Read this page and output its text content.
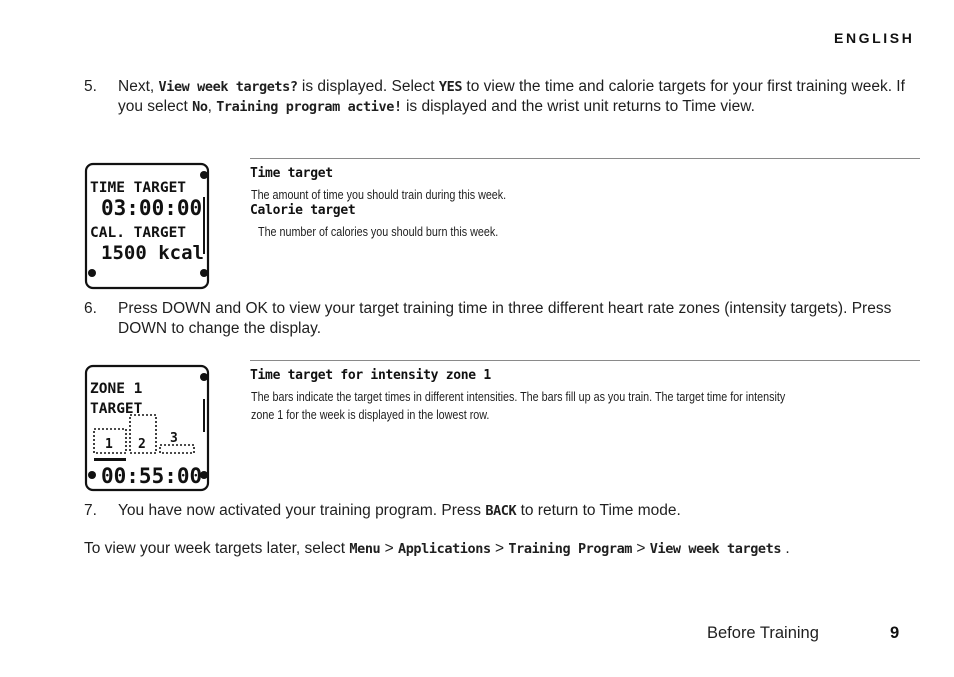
ENGLISH
5. Next, View week targets? is displayed. Select YES to view the time and calorie targets for your first training week. If you select No, Training program active! is displayed and the wrist unit returns to Time view.
TIME TARGET
03:00:00
CAL. TARGET
1500 kcal
Time target
The amount of time you should train during this week.
Calorie target
The number of calories you should burn this week.
6. Press DOWN and OK to view your target training time in three different heart rate zones (intensity targets). Press DOWN to change the display.
ZONE 1
TARGET
1 2 3
00:55:00
Time target for intensity zone 1
The bars indicate the target times in different intensities. The bars fill up as you train. The target time for intensity
zone 1 for the week is displayed in the lowest row.
7. You have now activated your training program. Press BACK to return to Time mode.
To view your week targets later, select Menu > Applications > Training Program > View week targets .
Before Training	9
